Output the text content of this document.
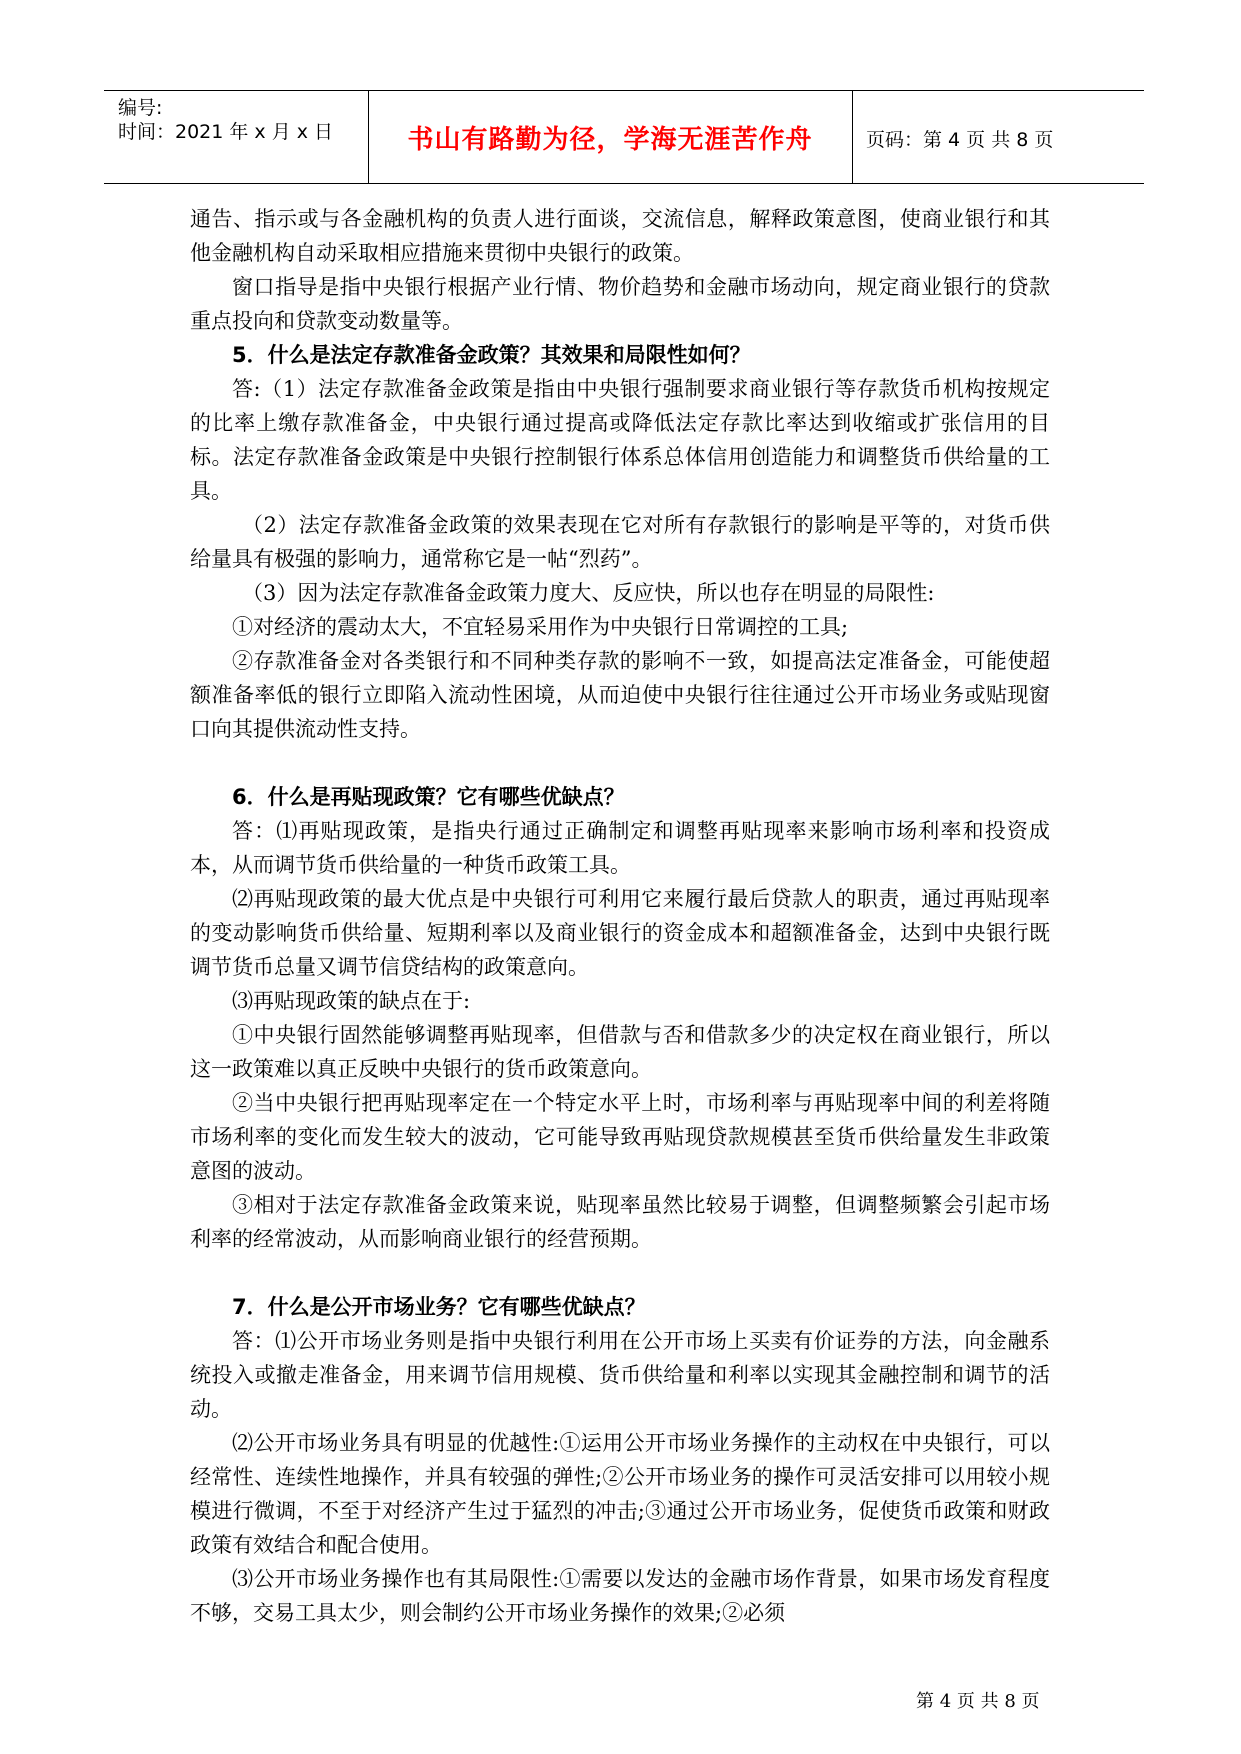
编号:
时间：2021 年 x 月 x 日	书山有路勤为径，学海无涯苦作舟	页码：第 4 页 共 8 页

通告、指示或与各金融机构的负责人进行面谈，交流信息，解释政策意图，使商业银行和其他金融机构自动采取相应措施来贯彻中央银行的政策。

窗口指导是指中央银行根据产业行情、物价趋势和金融市场动向，规定商业银行的贷款重点投向和贷款变动数量等。

5．什么是法定存款准备金政策？其效果和局限性如何？

答:（1）法定存款准备金政策是指由中央银行强制要求商业银行等存款货币机构按规定的比率上缴存款准备金，中央银行通过提高或降低法定存款比率达到收缩或扩张信用的目标。法定存款准备金政策是中央银行控制银行体系总体信用创造能力和调整货币供给量的工具。

（2）法定存款准备金政策的效果表现在它对所有存款银行的影响是平等的，对货币供给量具有极强的影响力，通常称它是一帖“烈药”。

（3）因为法定存款准备金政策力度大、反应快，所以也存在明显的局限性:

①对经济的震动太大，不宜轻易采用作为中央银行日常调控的工具;

②存款准备金对各类银行和不同种类存款的影响不一致，如提高法定准备金，可能使超额准备率低的银行立即陷入流动性困境，从而迫使中央银行往往通过公开市场业务或贴现窗口向其提供流动性支持。

6．什么是再贴现政策？它有哪些优缺点？

答：⑴再贴现政策，是指央行通过正确制定和调整再贴现率来影响市场利率和投资成本，从而调节货币供给量的一种货币政策工具。

⑵再贴现政策的最大优点是中央银行可利用它来履行最后贷款人的职责，通过再贴现率的变动影响货币供给量、短期利率以及商业银行的资金成本和超额准备金，达到中央银行既调节货币总量又调节信贷结构的政策意向。

⑶再贴现政策的缺点在于:

①中央银行固然能够调整再贴现率，但借款与否和借款多少的决定权在商业银行，所以这一政策难以真正反映中央银行的货币政策意向。

②当中央银行把再贴现率定在一个特定水平上时，市场利率与再贴现率中间的利差将随市场利率的变化而发生较大的波动，它可能导致再贴现贷款规模甚至货币供给量发生非政策意图的波动。

③相对于法定存款准备金政策来说，贴现率虽然比较易于调整，但调整频繁会引起市场利率的经常波动，从而影响商业银行的经营预期。

7．什么是公开市场业务？它有哪些优缺点？

答：⑴公开市场业务则是指中央银行利用在公开市场上买卖有价证券的方法，向金融系统投入或撤走准备金，用来调节信用规模、货币供给量和利率以实现其金融控制和调节的活动。

⑵公开市场业务具有明显的优越性:①运用公开市场业务操作的主动权在中央银行，可以经常性、连续性地操作，并具有较强的弹性;②公开市场业务的操作可灵活安排可以用较小规模进行微调，不至于对经济产生过于猛烈的冲击;③通过公开市场业务，促使货币政策和财政政策有效结合和配合使用。

⑶公开市场业务操作也有其局限性:①需要以发达的金融市场作背景，如果市场发育程度不够，交易工具太少，则会制约公开市场业务操作的效果;②必须

第 4 页 共 8 页
